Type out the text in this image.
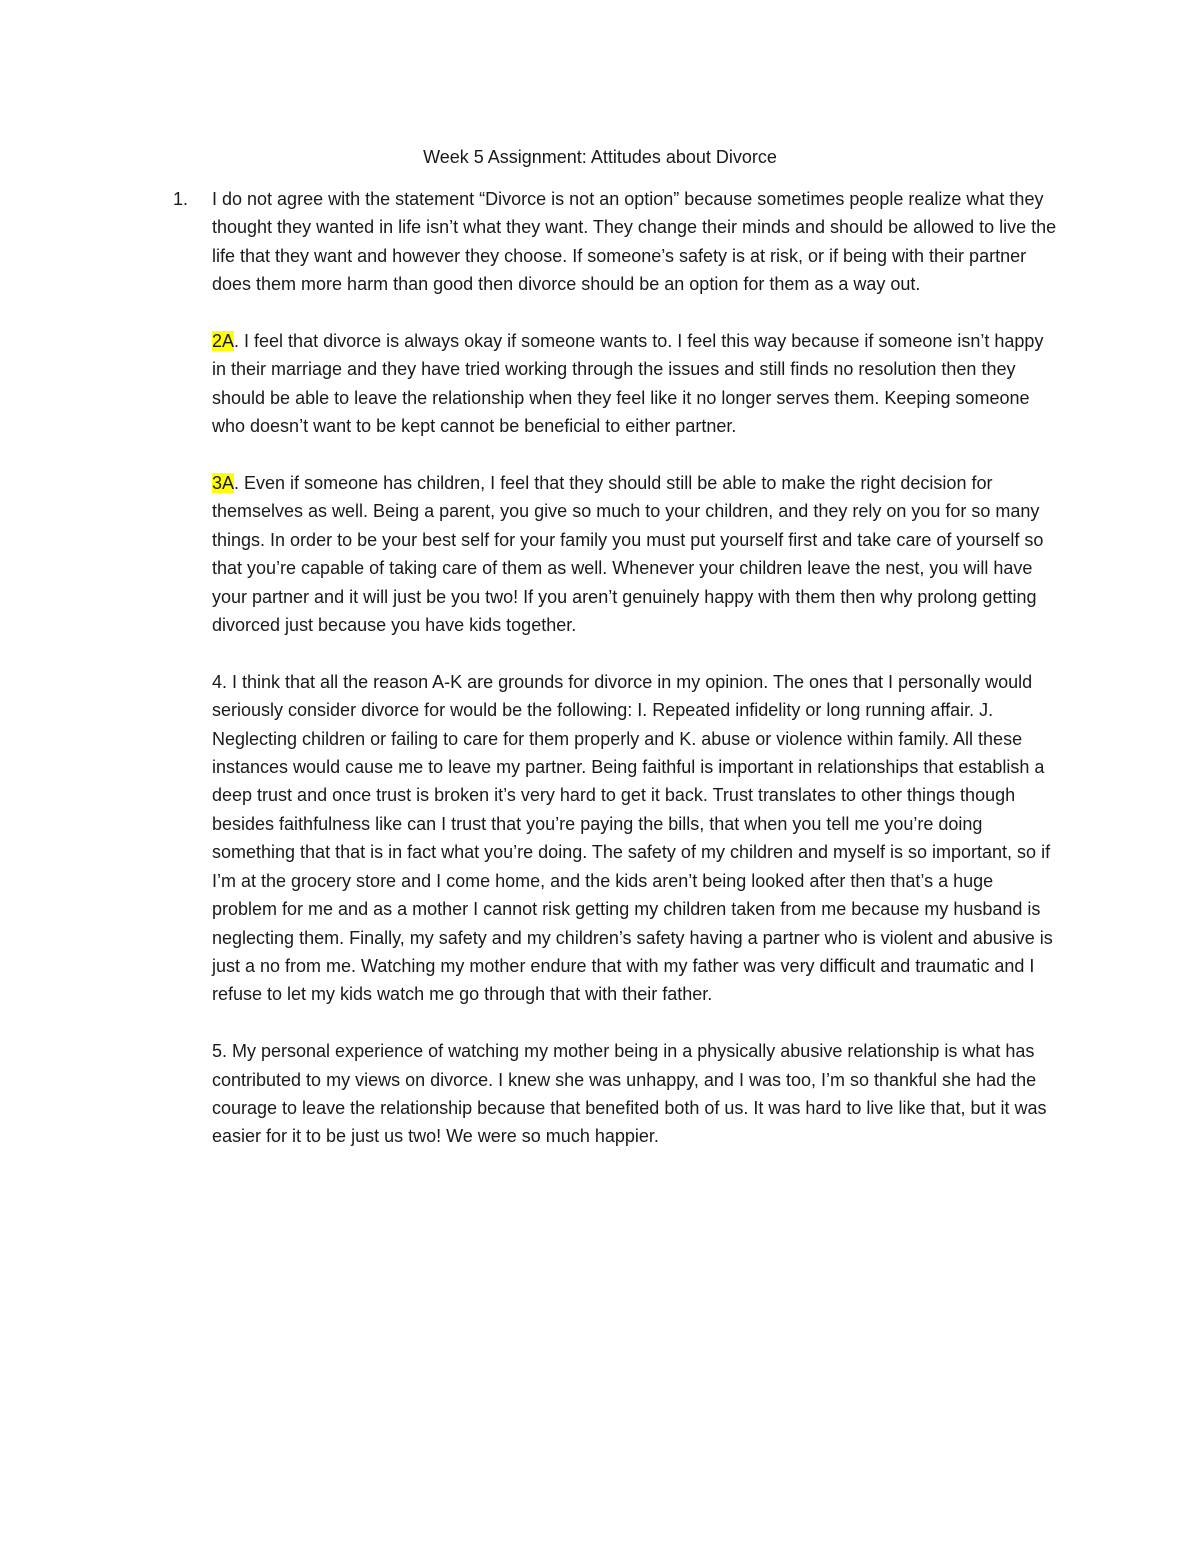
Week 5 Assignment: Attitudes about Divorce

1. I do not agree with the statement “Divorce is not an option” because sometimes people realize what they thought they wanted in life isn’t what they want. They change their minds and should be allowed to live the life that they want and however they choose. If someone’s safety is at risk, or if being with their partner does them more harm than good then divorce should be an option for them as a way out.

2A. I feel that divorce is always okay if someone wants to. I feel this way because if someone isn’t happy in their marriage and they have tried working through the issues and still finds no resolution then they should be able to leave the relationship when they feel like it no longer serves them. Keeping someone who doesn’t want to be kept cannot be beneficial to either partner.

3A. Even if someone has children, I feel that they should still be able to make the right decision for themselves as well. Being a parent, you give so much to your children, and they rely on you for so many things. In order to be your best self for your family you must put yourself first and take care of yourself so that you’re capable of taking care of them as well. Whenever your children leave the nest, you will have your partner and it will just be you two! If you aren’t genuinely happy with them then why prolong getting divorced just because you have kids together.

4. I think that all the reason A-K are grounds for divorce in my opinion. The ones that I personally would seriously consider divorce for would be the following: I. Repeated infidelity or long running affair. J. Neglecting children or failing to care for them properly and K. abuse or violence within family. All these instances would cause me to leave my partner. Being faithful is important in relationships that establish a deep trust and once trust is broken it’s very hard to get it back. Trust translates to other things though besides faithfulness like can I trust that you’re paying the bills, that when you tell me you’re doing something that that is in fact what you’re doing. The safety of my children and myself is so important, so if I’m at the grocery store and I come home, and the kids aren’t being looked after then that’s a huge problem for me and as a mother I cannot risk getting my children taken from me because my husband is neglecting them. Finally, my safety and my children’s safety having a partner who is violent and abusive is just a no from me. Watching my mother endure that with my father was very difficult and traumatic and I refuse to let my kids watch me go through that with their father.

5. My personal experience of watching my mother being in a physically abusive relationship is what has contributed to my views on divorce. I knew she was unhappy, and I was too, I’m so thankful she had the courage to leave the relationship because that benefited both of us. It was hard to live like that, but it was easier for it to be just us two! We were so much happier.
